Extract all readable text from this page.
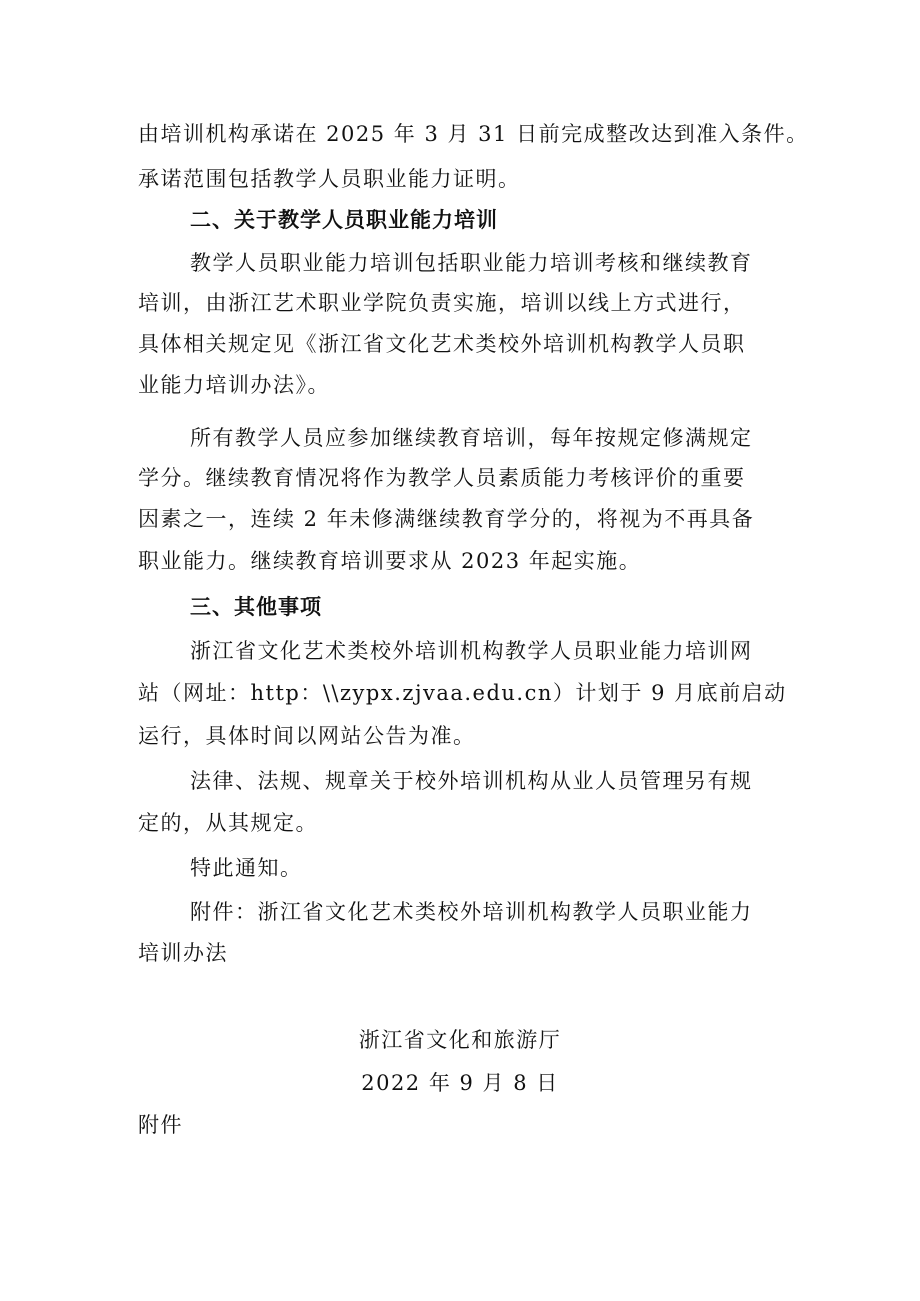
由培训机构承诺在 2025 年 3 月 31 日前完成整改达到准入条件。
承诺范围包括教学人员职业能力证明。
二、关于教学人员职业能力培训
教学人员职业能力培训包括职业能力培训考核和继续教育
培训，由浙江艺术职业学院负责实施，培训以线上方式进行，
具体相关规定见《浙江省文化艺术类校外培训机构教学人员职
业能力培训办法》。
所有教学人员应参加继续教育培训，每年按规定修满规定
学分。继续教育情况将作为教学人员素质能力考核评价的重要
因素之一，连续 2 年未修满继续教育学分的，将视为不再具备
职业能力。继续教育培训要求从 2023 年起实施。
三、其他事项
浙江省文化艺术类校外培训机构教学人员职业能力培训网
站（网址：http：\\zypx.zjvaa.edu.cn）计划于 9 月底前启动
运行，具体时间以网站公告为准。
法律、法规、规章关于校外培训机构从业人员管理另有规
定的，从其规定。
特此通知。
附件：浙江省文化艺术类校外培训机构教学人员职业能力
培训办法
浙江省文化和旅游厅
2022 年 9 月 8 日
附件
